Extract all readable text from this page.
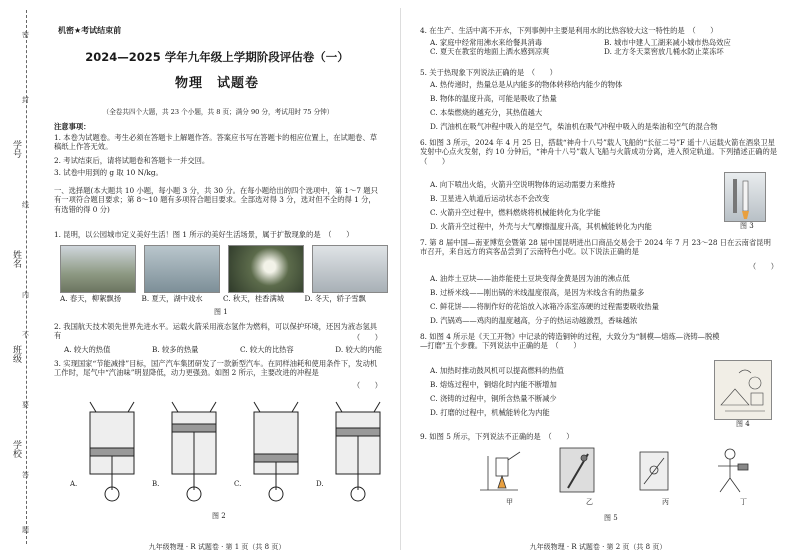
学号
姓名
班级
学校
密
封
线
内
不
要
答
题
机密★考试结束前
2024—2025 学年九年级上学期阶段评估卷（一）
物理　试题卷
（全卷共四个大题，共 23 个小题，共 8 页；满分 90 分，考试用时 75 分钟）
注意事项：
1. 本卷为试题卷。考生必须在答题卡上解题作答。答案应书写在答题卡的相应位置上，在试题卷、草稿纸上作答无效。
2. 考试结束后，请将试题卷和答题卡一并交回。
3. 试卷中用到的 g 取 10 N/kg。
一、选择题(本大题共 10 小题，每小题 3 分，共 30 分。在每小题给出的四个选项中，第 1～7 题只有一项符合题目要求；第 8～10 题有多项符合题目要求。全部选对得 3 分，选对但不全的得 1 分，有选错的得 0 分)
1. 昆明，以公园城市定义美好生活！图 1 所示的美好生活场景，属于扩散现象的是　（　　）
A. 春天，柳絮飘扬	B. 夏天，湖中戏水	C. 秋天，桂香满城	D. 冬天，轿子雪飘
图 1
2. 我国航天技术领先世界先进水平。运载火箭采用液态氢作为燃料，可以保护环境，还因为液态氢具有	（　　）
A. 较大的热值	B. 较多的热量	C. 较大的比热容	D. 较大的内能
3. 实现国家“节能减排”目标，国产汽车集团研发了一款新型汽车。在同样油耗和使用条件下，发动机工作时，尾气中“汽油味”明显降低，动力更强劲。如图 2 所示，主要改进的冲程是
（　　）
A.	B.	C.	D.
图 2
九年级物理 · R 试题卷 · 第 1 页（共 8 页）
4. 在生产、生活中离不开水，下列事例中主要是利用水的比热容较大这一特性的是　（　　）
A. 家庭中经常用沸水来给餐具消毒	B. 城市中建人工湖来减小城市热岛效应
C. 夏天在教室的地面上洒水感到凉爽	D. 北方冬天菜窖放几桶水防止菜冻坏
5. 关于热现象下列说法正确的是　（　　）
A. 热传递时，热量总是从内能多的物体转移给内能少的物体
B. 物体的温度升高，可能是吸收了热量
C. 本柴燃烧的越充分，其热值越大
D. 汽油机在吸气冲程中吸入的是空气，柴油机在吸气冲程中吸入的是柴油和空气的混合物
6. 如图 3 所示，2024 年 4 月 25 日，搭载“神舟十八号”载人飞船的“长征二号”F 遥十八运载火箭在酒泉卫星发射中心点火发射，约 10 分钟后，“神舟十八号”载人飞船与火箭成功分离，进入预定轨道。下列描述正确的是　（　　）
A. 向下喷出火焰，火箭升空说明物体的运动需要力来维持
B. 卫星进入轨道后运动状态不会改变
C. 火箭升空过程中，燃料燃烧将机械能转化为化学能
D. 火箭升空过程中，外壳与大气摩擦温度升高，其机械能转化为内能	图 3
7. 第 8 届中国—南亚博览会暨第 28 届中国昆明进出口商品交易会于 2024 年 7 月 23～28 日在云南省昆明市召开，来自远方的宾客品尝到了云南特色小吃。以下说法正确的是
（　　）
A. 油炸土豆块——油炸能使土豆块变得金黄是因为油的沸点低
B. 过桥米线——刚出锅的米线温度很高，是因为米线含有的热量多
C. 鲜花饼——将制作好的花馅放入冰箱冷冻室冻硬的过程需要吸收热量
D. 汽锅鸡——鸡肉的温度越高，分子的热运动越激烈，香味越浓
8. 如图 4 所示是《天工开物》中记录的铸造铜钟的过程，大致分为“制模—熔炼—浇铸—脱模—打磨”五个步骤。下列说法中正确的是　（　　）
A. 加热时推动鼓风机可以提高燃料的热值
B. 熔炼过程中，铜熔化时内能不断增加
C. 浇铸的过程中，铜所含热量不断减少
D. 打磨的过程中，机械能转化为内能
图 4
9. 如图 5 所示，下列说法不正确的是　（　　）
甲	乙	丙	丁
图 5
九年级物理 · R 试题卷 · 第 2 页（共 8 页）
